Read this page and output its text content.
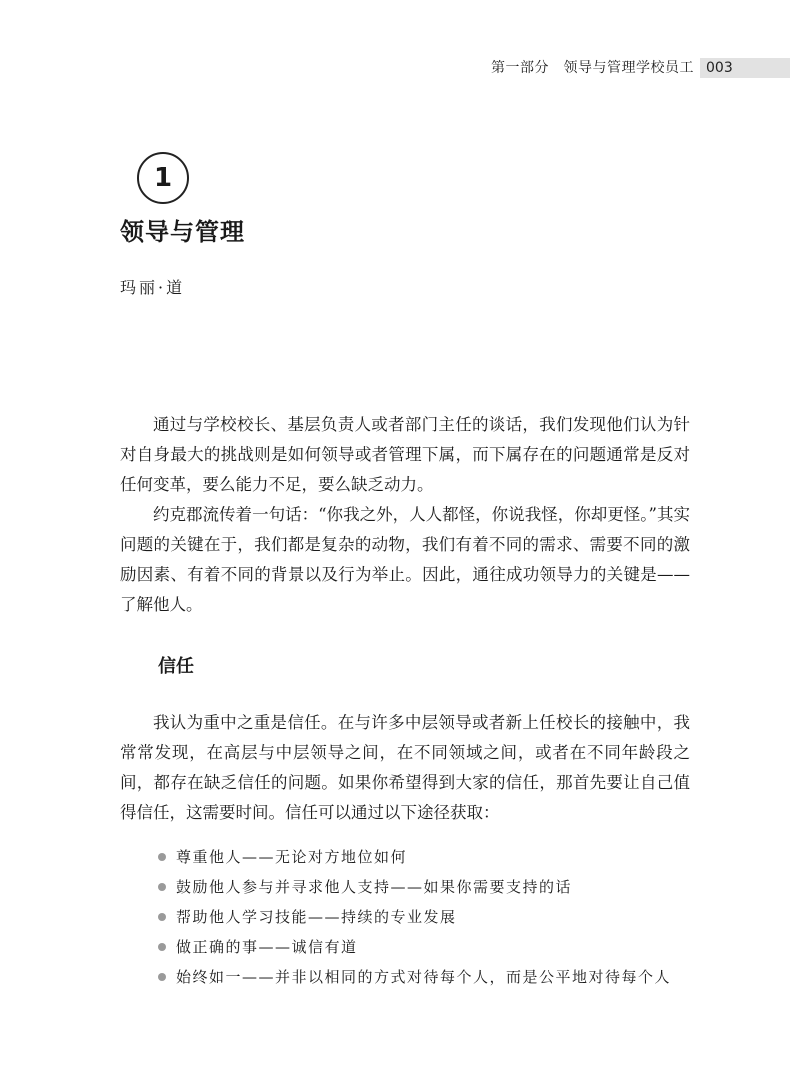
第一部分　领导与管理学校员工 003
1
领导与管理
玛丽·道

通过与学校校长、基层负责人或者部门主任的谈话，我们发现他们认为针对自身最大的挑战则是如何领导或者管理下属，而下属存在的问题通常是反对任何变革，要么能力不足，要么缺乏动力。

约克郡流传着一句话：“你我之外，人人都怪，你说我怪，你却更怪。”其实问题的关键在于，我们都是复杂的动物，我们有着不同的需求、需要不同的激励因素、有着不同的背景以及行为举止。因此，通往成功领导力的关键是——了解他人。

信任

我认为重中之重是信任。在与许多中层领导或者新上任校长的接触中，我常常发现，在高层与中层领导之间，在不同领域之间，或者在不同年龄段之间，都存在缺乏信任的问题。如果你希望得到大家的信任，那首先要让自己值得信任，这需要时间。信任可以通过以下途径获取：

尊重他人——无论对方地位如何
鼓励他人参与并寻求他人支持——如果你需要支持的话
帮助他人学习技能——持续的专业发展
做正确的事——诚信有道
始终如一——并非以相同的方式对待每个人，而是公平地对待每个人
